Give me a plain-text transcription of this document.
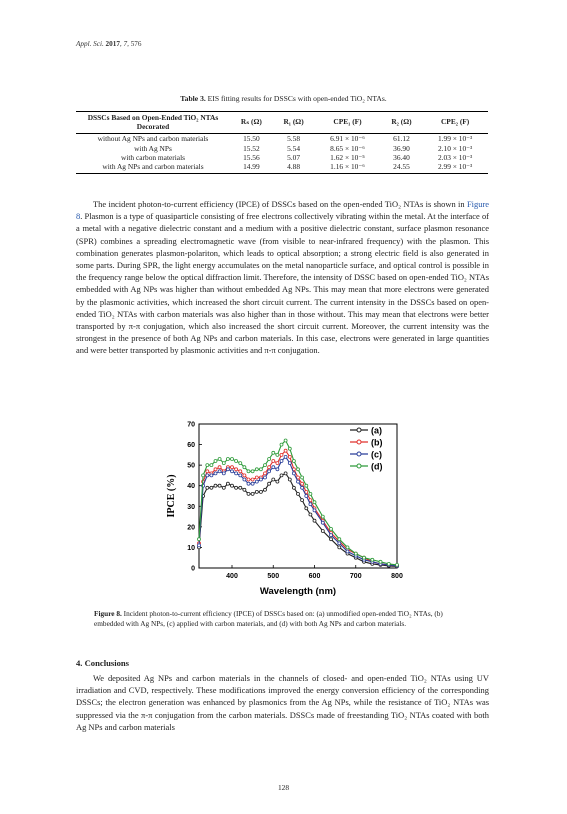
Appl. Sci. 2017, 7, 576
Table 3. EIS fitting results for DSSCs with open-ended TiO₂ NTAs.
DSSCs Based on Open-Ended TiO₂ NTAs Decorated	Rₛ (Ω)	R₁ (Ω)	CPE₁ (F)	R₂ (Ω)	CPE₂ (F)
without Ag NPs and carbon materials	15.50	5.58	6.91 × 10⁻⁶	61.12	1.99 × 10⁻³
with Ag NPs	15.52	5.54	8.65 × 10⁻⁶	36.90	2.10 × 10⁻³
with carbon materials	15.56	5.07	1.62 × 10⁻⁵	36.40	2.03 × 10⁻³
with Ag NPs and carbon materials	14.99	4.88	1.16 × 10⁻⁶	24.55	2.99 × 10⁻³
The incident photon-to-current efficiency (IPCE) of DSSCs based on the open-ended TiO₂ NTAs is shown in Figure 8. Plasmon is a type of quasiparticle consisting of free electrons collectively vibrating within the metal. At the interface of a metal with a negative dielectric constant and a medium with a positive dielectric constant, surface plasmon resonance (SPR) combines a spreading electromagnetic wave (from visible to near-infrared frequency) with the plasmon. This combination generates plasmon-polariton, which leads to optical absorption; a strong electric field is also generated in some parts. During SPR, the light energy accumulates on the metal nanoparticle surface, and optical control is possible in the frequency range below the optical diffraction limit. Therefore, the intensity of DSSC based on open-ended TiO₂ NTAs embedded with Ag NPs was higher than without embedded Ag NPs. This may mean that more electrons were generated by the plasmonic activities, which increased the short circuit current. The current intensity in the DSSCs based on open-ended TiO₂ NTAs with carbon materials was also higher than in those without. This may mean that electrons were better transported by π-π conjugation, which also increased the short circuit current. Moreover, the current intensity was the strongest in the presence of both Ag NPs and carbon materials. In this case, electrons were generated in large quantities and were better transported by plasmonic activities and π-π conjugation.
0
10
20
30
40
50
60
70
400	500	600	700	800
Wavelength (nm)
IPCE (%)
(a)
(b)
(c)
(d)
Figure 8. Incident photon-to-current efficiency (IPCE) of DSSCs based on: (a) unmodified open-ended TiO₂ NTAs, (b) embedded with Ag NPs, (c) applied with carbon materials, and (d) with both Ag NPs and carbon materials.
4. Conclusions
We deposited Ag NPs and carbon materials in the channels of closed- and open-ended TiO₂ NTAs using UV irradiation and CVD, respectively. These modifications improved the energy conversion efficiency of the corresponding DSSCs; the electron generation was enhanced by plasmonics from the Ag NPs, while the resistance of TiO₂ NTAs was suppressed via the π-π conjugation from the carbon materials. DSSCs made of freestanding TiO₂ NTAs coated with both Ag NPs and carbon materials
128
